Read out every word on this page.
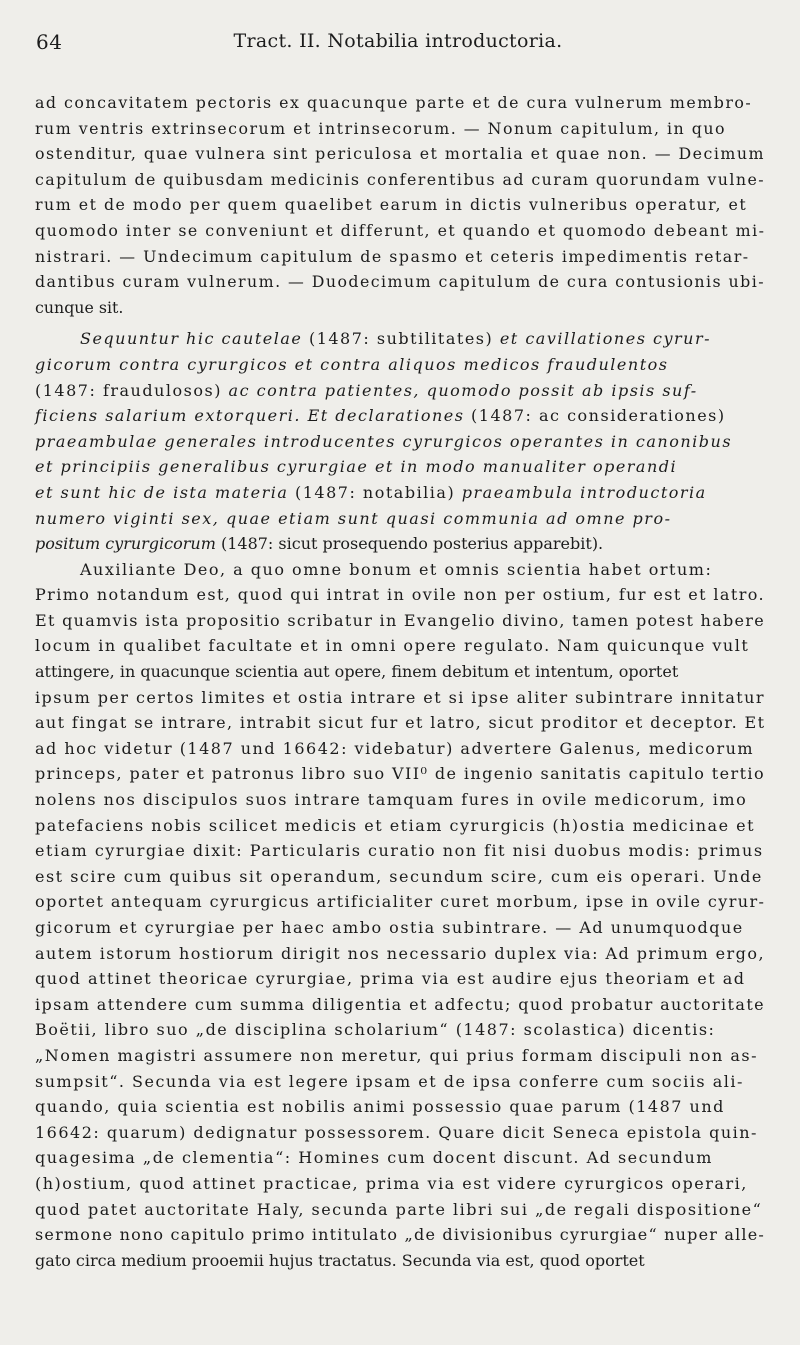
64	Tract. II. Notabilia introductoria.
ad concavitatem pectoris ex quacunque parte et de cura vulnerum membro-
rum ventris extrinsecorum et intrinsecorum. — Nonum capitulum, in quo
ostenditur, quae vulnera sint periculosa et mortalia et quae non. — Decimum
capitulum de quibusdam medicinis conferentibus ad curam quorundam vulne-
rum et de modo per quem quaelibet earum in dictis vulneribus operatur, et
quomodo inter se conveniunt et differunt, et quando et quomodo debeant mi-
nistrari. — Undecimum capitulum de spasmo et ceteris impedimentis retar-
dantibus curam vulnerum. — Duodecimum capitulum de cura contusionis ubi-
cunque sit.
Sequuntur hic cautelae (1487: subtilitates) et cavillationes cyrur-
gicorum contra cyrurgicos et contra aliquos medicos fraudulentos
(1487: fraudulosos) ac contra patientes, quomodo possit ab ipsis suf-
ficiens salarium extorqueri. Et declarationes (1487: ac considerationes)
praeambulae generales introducentes cyrurgicos operantes in canonibus
et principiis generalibus cyrurgiae et in modo manualiter operandi
et sunt hic de ista materia (1487: notabilia) praeambula introductoria
numero viginti sex, quae etiam sunt quasi communia ad omne pro-
positum cyrurgicorum (1487: sicut prosequendo posterius apparebit).
Auxiliante Deo, a quo omne bonum et omnis scientia habet ortum:
Primo notandum est, quod qui intrat in ovile non per ostium, fur est et latro.
Et quamvis ista propositio scribatur in Evangelio divino, tamen potest habere
locum in qualibet facultate et in omni opere regulato. Nam quicunque vult
attingere, in quacunque scientia aut opere, finem debitum et intentum, oportet
ipsum per certos limites et ostia intrare et si ipse aliter subintrare innitatur
aut fingat se intrare, intrabit sicut fur et latro, sicut proditor et deceptor. Et
ad hoc videtur (1487 und 16642: videbatur) advertere Galenus, medicorum
princeps, pater et patronus libro suo VII⁰ de ingenio sanitatis capitulo tertio
nolens nos discipulos suos intrare tamquam fures in ovile medicorum, imo
patefaciens nobis scilicet medicis et etiam cyrurgicis (h)ostia medicinae et
etiam cyrurgiae dixit: Particularis curatio non fit nisi duobus modis: primus
est scire cum quibus sit operandum, secundum scire, cum eis operari. Unde
oportet antequam cyrurgicus artificialiter curet morbum, ipse in ovile cyrur-
gicorum et cyrurgiae per haec ambo ostia subintrare. — Ad unumquodque
autem istorum hostiorum dirigit nos necessario duplex via: Ad primum ergo,
quod attinet theoricae cyrurgiae, prima via est audire ejus theoriam et ad
ipsam attendere cum summa diligentia et adfectu; quod probatur auctoritate
Boëtii, libro suo „de disciplina scholarium“ (1487: scolastica) dicentis:
„Nomen magistri assumere non meretur, qui prius formam discipuli non as-
sumpsit“. Secunda via est legere ipsam et de ipsa conferre cum sociis ali-
quando, quia scientia est nobilis animi possessio quae parum (1487 und
16642: quarum) dedignatur possessorem. Quare dicit Seneca epistola quin-
quagesima „de clementia“: Homines cum docent discunt. Ad secundum
(h)ostium, quod attinet practicae, prima via est videre cyrurgicos operari,
quod patet auctoritate Haly, secunda parte libri sui „de regali dispositione“
sermone nono capitulo primo intitulato „de divisionibus cyrurgiae“ nuper alle-
gato circa medium prooemii hujus tractatus. Secunda via est, quod oportet
